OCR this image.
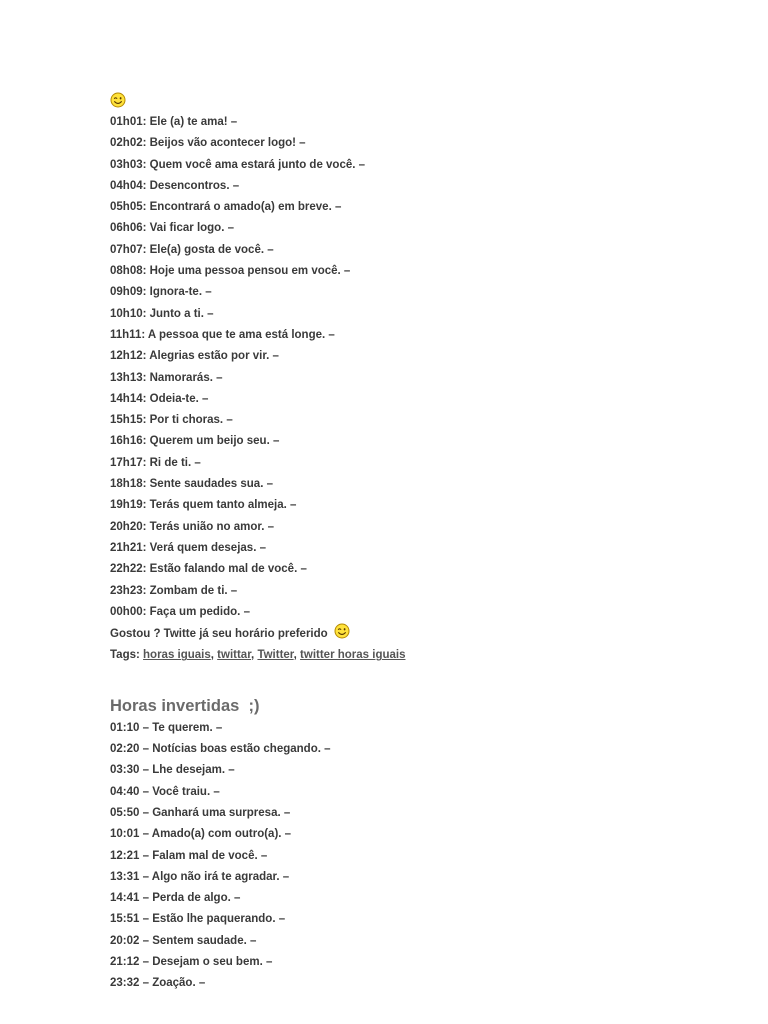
01h01: Ele (a) te ama! –
02h02: Beijos vão acontecer logo! –
03h03: Quem você ama estará junto de você. –
04h04: Desencontros. –
05h05: Encontrará o amado(a) em breve. –
06h06: Vai ficar logo. –
07h07: Ele(a) gosta de você. –
08h08: Hoje uma pessoa pensou em você. –
09h09: Ignora-te. –
10h10: Junto a ti. –
11h11: A pessoa que te ama está longe. –
12h12: Alegrias estão por vir. –
13h13: Namorarás. –
14h14: Odeia-te. –
15h15: Por ti choras. –
16h16: Querem um beijo seu. –
17h17: Ri de ti. –
18h18: Sente saudades sua. –
19h19: Terás quem tanto almeja. –
20h20: Terás união no amor. –
21h21: Verá quem desejas. –
22h22: Estão falando mal de você. –
23h23: Zombam de ti. –
00h00: Faça um pedido. –
Gostou ? Twitte já seu horário preferido
Tags: horas iguais, twittar, Twitter, twitter horas iguais
Horas invertidas  ;)
01:10 – Te querem. –
02:20 – Notícias boas estão chegando. –
03:30 – Lhe desejam. –
04:40 – Você traiu. –
05:50 – Ganhará uma surpresa. –
10:01 – Amado(a) com outro(a). –
12:21 – Falam mal de você. –
13:31 – Algo não irá te agradar. –
14:41 – Perda de algo. –
15:51 – Estão lhe paquerando. –
20:02 – Sentem saudade. –
21:12 – Desejam o seu bem. –
23:32 – Zoação. –
